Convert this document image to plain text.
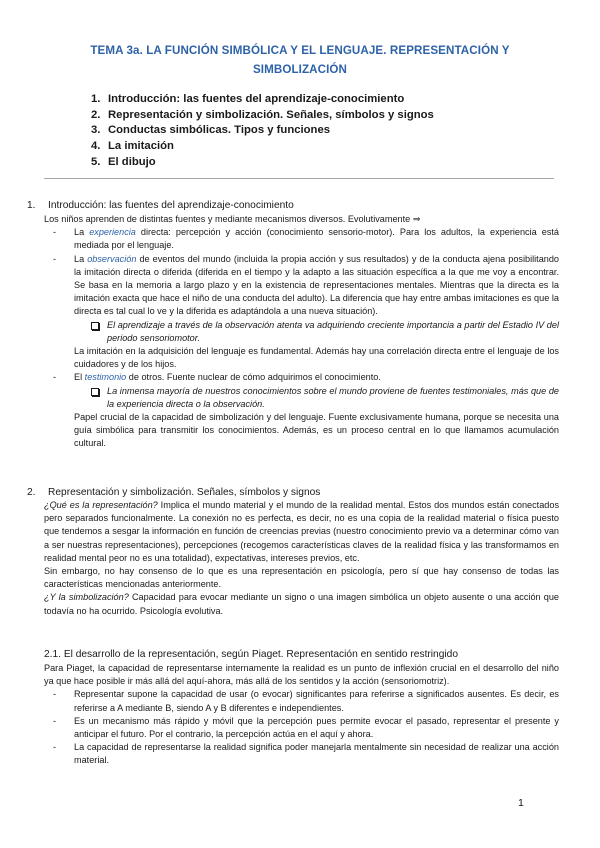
TEMA 3a. LA FUNCIÓN SIMBÓLICA Y EL LENGUAJE. REPRESENTACIÓN Y SIMBOLIZACIÓN
1. Introducción: las fuentes del aprendizaje-conocimiento
2. Representación y simbolización. Señales, símbolos y signos
3. Conductas simbólicas. Tipos y funciones
4. La imitación
5. El dibujo
1.	Introducción: las fuentes del aprendizaje-conocimiento
Los niños aprenden de distintas fuentes y mediante mecanismos diversos. Evolutivamente ⇒
-	La experiencia directa: percepción y acción (conocimiento sensorio-motor). Para los adultos, la experiencia está mediada por el lenguaje.
-	La observación de eventos del mundo (incluida la propia acción y sus resultados) y de la conducta ajena posibilitando la imitación directa o diferida (diferida en el tiempo y la adapto a las situación específica a la que me voy a encontrar. Se basa en la memoria a largo plazo y en la existencia de representaciones mentales. Mientras que la directa es la imitación exacta que hace el niño de una conducta del adulto). La diferencia que hay entre ambas imitaciones es que la directa es tal cual lo ve y la diferida es adaptándola a una nueva situación).
El aprendizaje a través de la observación atenta va adquiriendo creciente importancia a partir del Estadio IV del periodo sensoriomotor.
La imitación en la adquisición del lenguaje es fundamental. Además hay una correlación directa entre el lenguaje de los cuidadores y de los hijos.
-	El testimonio de otros. Fuente nuclear de cómo adquirimos el conocimiento.
La inmensa mayoría de nuestros conocimientos sobre el mundo proviene de fuentes testimoniales, más que de la experiencia directa o la observación.
Papel crucial de la capacidad de simbolización y del lenguaje. Fuente exclusivamente humana, porque se necesita una guía simbólica para transmitir los conocimientos. Además, es un proceso central en lo que llamamos acumulación cultural.
2.	Representación y simbolización. Señales, símbolos y signos
¿Qué es la representación? Implica el mundo material y el mundo de la realidad mental. Estos dos mundos están conectados pero separados funcionalmente. La conexión no es perfecta, es decir, no es una copia de la realidad material o física puesto que tendemos a sesgar la información en función de creencias previas (nuestro conocimiento previo va a determinar cómo van a ser nuestras representaciones), percepciones (recogemos características claves de la realidad física y las transformamos en realidad mental peor no es una totalidad), expectativas, intereses previos, etc.
Sin embargo, no hay consenso de lo que es una representación en psicología, pero sí que hay consenso de todas las características mencionadas anteriormente.
¿Y la simbolización? Capacidad para evocar mediante un signo o una imagen simbólica un objeto ausente o una acción que todavía no ha ocurrido. Psicología evolutiva.
2.1. El desarrollo de la representación, según Piaget. Representación en sentido restringido
Para Piaget, la capacidad de representarse internamente la realidad es un punto de inflexión crucial en el desarrollo del niño ya que hace posible ir más allá del aquí-ahora, más allá de los sentidos y la acción (sensoriomotriz).
-	Representar supone la capacidad de usar (o evocar) significantes para referirse a significados ausentes. Es decir, es referirse a A mediante B, siendo A y B diferentes e independientes.
-	Es un mecanismo más rápido y móvil que la percepción pues permite evocar el pasado, representar el presente y anticipar el futuro. Por el contrario, la percepción actúa en el aquí y ahora.
-	La capacidad de representarse la realidad significa poder manejarla mentalmente sin necesidad de realizar una acción material.
1
